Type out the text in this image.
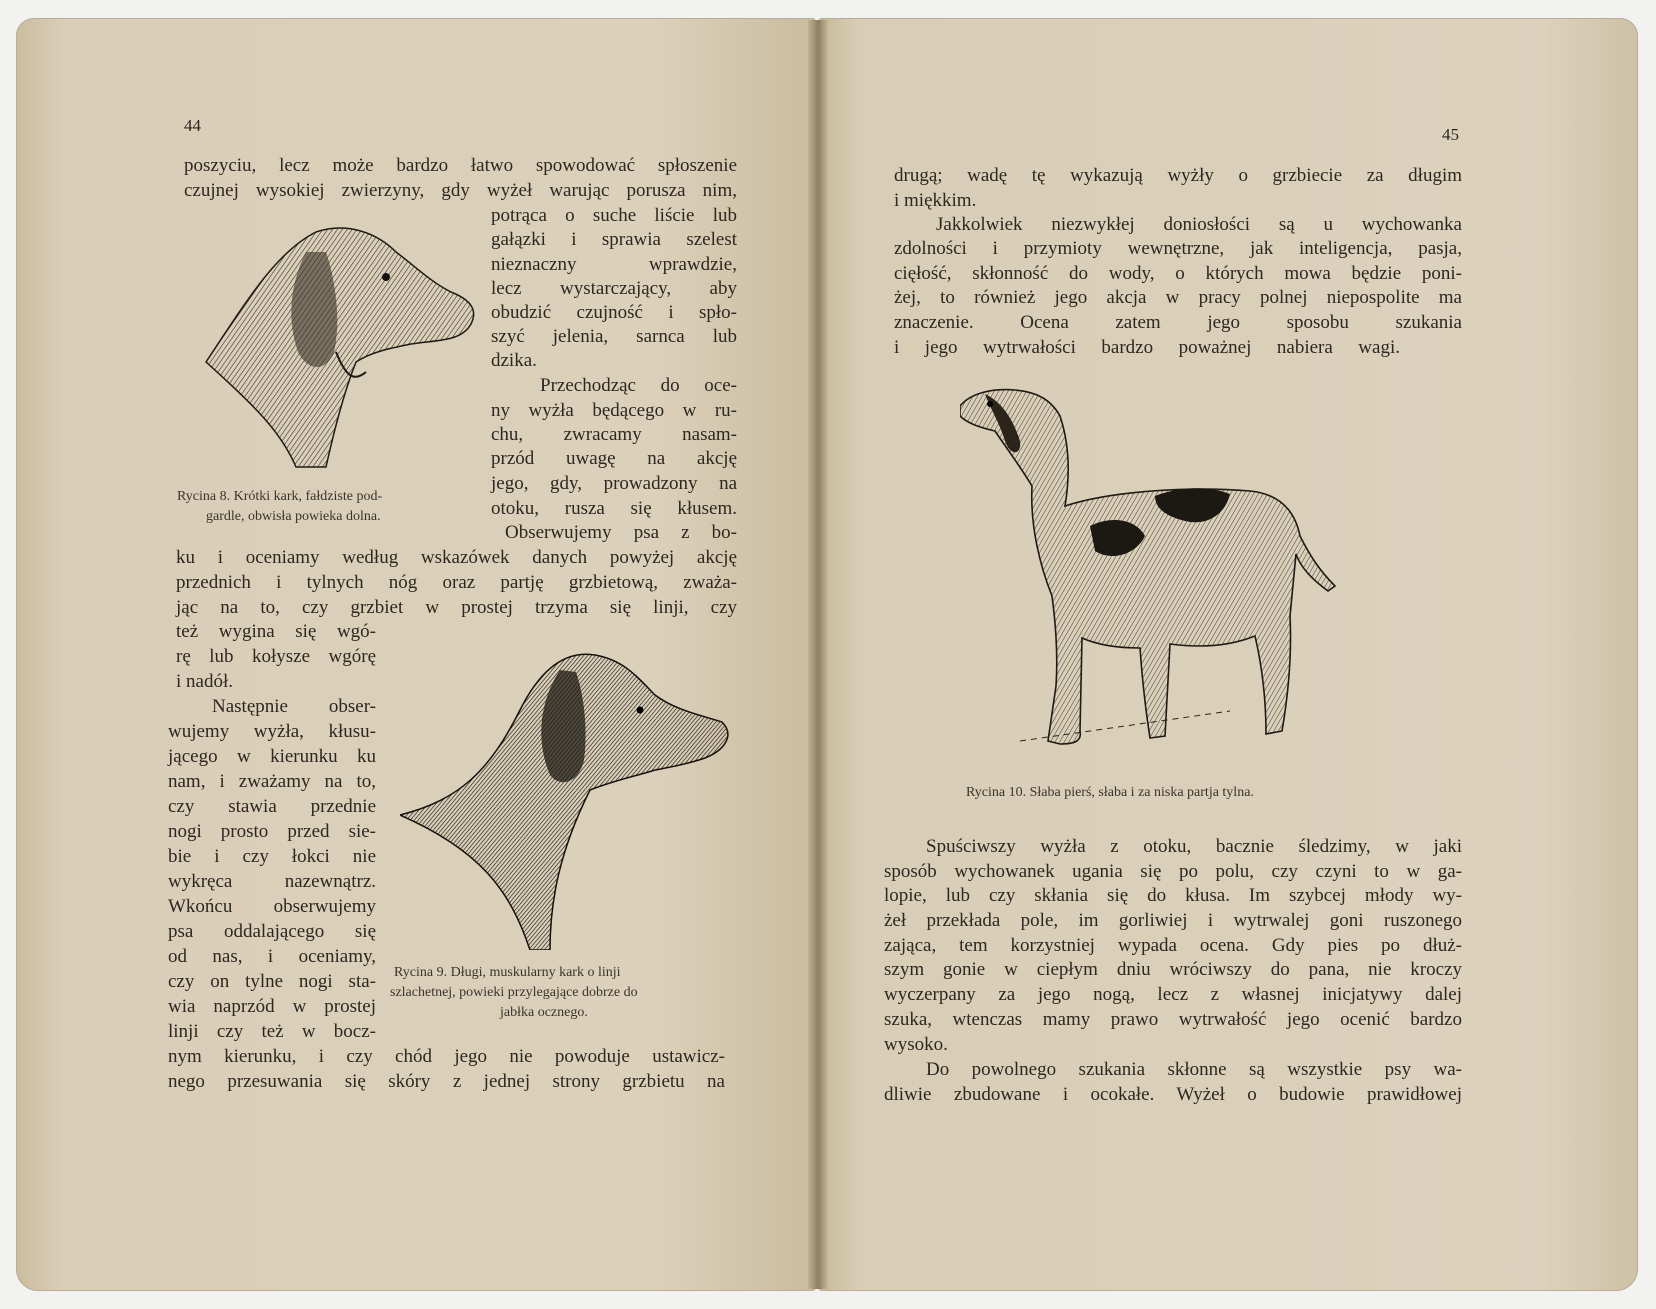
44	45
poszyciu, lecz może bardzo łatwo spowodować spłoszenie
czujnej wysokiej zwierzyny, gdy wyżeł warując porusza nim,
potrąca o suche liście lub
gałązki i sprawia szelest
nieznaczny wprawdzie,
lecz wystarczający, aby
obudzić czujność i spło-
szyć jelenia, sarnca lub
dzika.
Przechodząc do oce-
ny wyżła będącego w ru-
chu, zwracamy nasam-
przód uwagę na akcję
jego, gdy, prowadzony na
otoku, rusza się kłusem.
Obserwujemy psa z bo-
ku i oceniamy według wskazówek danych powyżej akcję
przednich i tylnych nóg oraz partję grzbietową, zważa-
jąc na to, czy grzbiet w prostej trzyma się linji, czy
też wygina się wgó-
rę lub kołysze wgórę
i nadół.
Następnie obser-
wujemy wyżła, kłusu-
jącego w kierunku ku
nam, i zważamy na to,
czy stawia przednie
nogi prosto przed sie-
bie i czy łokci nie
wykręca nazewnątrz.
Wkońcu obserwujemy
psa oddalającego się
od nas, i oceniamy,
czy on tylne nogi sta-
wia naprzód w prostej
linji czy też w bocz-
nym kierunku, i czy chód jego nie powoduje ustawicz-
nego przesuwania się skóry z jednej strony grzbietu na
Rycina 8. Krótki kark, fałdziste pod-
gardle, obwisła powieka dolna.
Rycina 9. Długi, muskularny kark o linji
szlachetnej, powieki przylegające dobrze do
jabłka ocznego.
drugą; wadę tę wykazują wyżły o grzbiecie za długim
i miękkim.
Jakkolwiek niezwykłej doniosłości są u wychowanka
zdolności i przymioty wewnętrzne, jak inteligencja, pasja,
cięłość, skłonność do wody, o których mowa będzie poni-
żej, to również jego akcja w pracy polnej niepospolite ma
znaczenie. Ocena zatem jego sposobu szukania
i jego wytrwałości bardzo poważnej nabiera wagi.
Rycina 10. Słaba pierś, słaba i za niska partja tylna.
Spuściwszy wyżła z otoku, bacznie śledzimy, w jaki
sposób wychowanek ugania się po polu, czy czyni to w ga-
lopie, lub czy skłania się do kłusa. Im szybcej młody wy-
żeł przekłada pole, im gorliwiej i wytrwalej goni ruszonego
zająca, tem korzystniej wypada ocena. Gdy pies po dłuż-
szym gonie w ciepłym dniu wróciwszy do pana, nie kroczy
wyczerpany za jego nogą, lecz z własnej inicjatywy dalej
szuka, wtenczas mamy prawo wytrwałość jego ocenić bardzo
wysoko.
Do powolnego szukania skłonne są wszystkie psy wa-
dliwie zbudowane i ocokałe. Wyżeł o budowie prawidłowej
